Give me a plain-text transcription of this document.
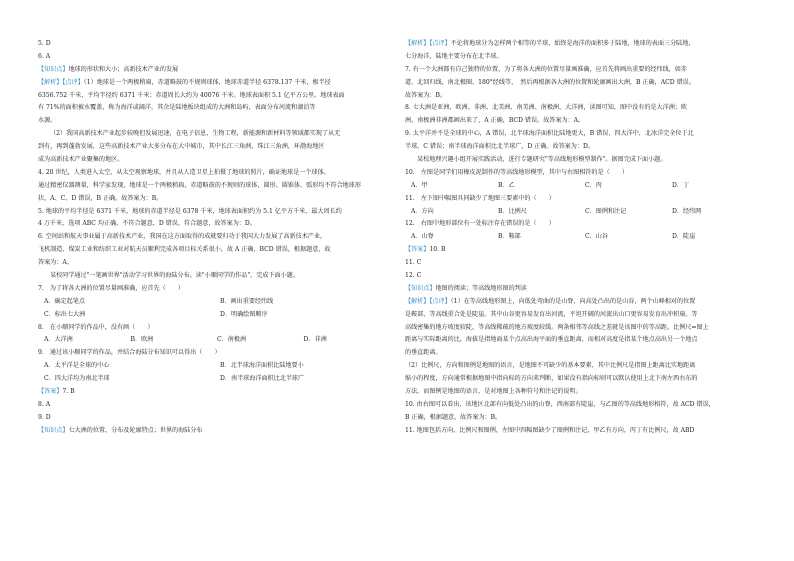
5. D
6. A
【知识点】地球的形状和大小；高新技术产业的发展
【解析】【点评】（1）地球是一个两极稍扁，赤道略鼓的不规则球体，地球赤道半径 6378.137 千米，极半径
6356.752 千米，平均半径约 6371 千米；赤道周长大约为 40076 千米。地球表面积 5.1 亿平方公里。地球表面
有 71%的面积被水覆盖，称为海洋或阔洋，其余是陆地板块组成的大洲和岛屿，表面分布河流和湖泊等
水源。
（2）我国高新技术产业起步较晚但发展迅速，在电子信息，生物工程，新能源和新材料等领域都实现了从无
到有，再到蓬勃发展，这些高新技术产业大多分布在大中城市，其中长江三角洲，珠江三角洲，环渤海地区
成为高新技术产业聚集的地区。
4. 20 世纪，人类进入太空，从太空观察地球，并且从人造卫星上拍摄了地球的照片，确证地球是一个球体。
通过精密仪器测量，科学家发现，地球是一个两极稍扁，赤道略鼓的不规则的球体，圆形、圆锥体、弧形均不符合地球形
状，A、C、D 错误，B 正确。故答案为：B。
5. 地球的平均半径是 6371 千米，地球的赤道半径是 6378 千米，地球表面积约为 5.1 亿平方千米，最大周长约
4 万千米，选项 ABC 均正确，不符合题意，D 错误，符合题意，故答案为：D。
6. 空间站和航天事业属于高新技术产业，我国在这方面取得的成就要归功于我国大力发展了高新技术产业，
飞机制造、煤炭工业和纺织工业对航天员顺利完成各项目标关系很小，故 A 正确，BCD 错误，根据题意，故
答案为：A。
某校同学通过"一笔画世界"活动学习世界的海陆分布。读"小顺同学的作品"，完成下面小题。
7.　为了将各大洲的位置尽量画准确，应首先（　　）
A．确定起笔点	B．画出重要经纬线
C．标出七大洲	D．明确绘图顺序
8.　在小顺同学的作品中，没有画（　　）
A．大洋洲	B．欧洲	C．南极洲	D．非洲
9.　通过该小顺同学的作品，并结合海陆分布知识可以得出（　　）
A．太平洋是全球的中心	B．北半球海洋面积比陆地要小
C．四大洋均为南北半球	D．南半球海洋面积比北半球广
【答案】7. B
8. A
9. D
【知识点】七大洲的位置、分布及轮廓特点；世界的海陆分布
【解析】【点评】不论将地球分为怎样两个相等的半球，始终是海洋的面积多于陆地，地球的表面三分陆地，
七分海洋，陆地主要分布在北半球。
7. 有一个大洲都有自己独特的位置，为了将各大洲的位置尽量画准确，应首先将画出重要的经纬线，如赤
道、北回归线、南北极圈、180°经线等，　然后再根据各大洲的位置和轮廓画出大洲，B 正确，ACD 错误。
故答案为：B。
8. 七大洲是亚洲、欧洲、非洲、北美洲、南美洲、南极洲、大洋洲，读图可知，图中没有的是大洋洲；欧
洲、南极洲非洲都画出来了，A 正确，BCD 错误。故答案为：A。
9. 太平洋并不是全球的中心，A 错误，北半球海洋面积比陆地更大，B 错误，四大洋中，北冰洋完全位于北
半球，C 错误；南半球海洋面积比北半球广，D 正确。故答案为：D。
某校地理兴趣小组开展实践活动，进行专题研究"等高线地形模型制作"。据图完成下面小题。
10.　左图是同学们用橡皮泥制作的等高线地形模型，其中与右图相符的是（　　）
A．甲	B．乙	C．丙	D．丁
11.　左下图中幅图具同缺少了地图三要素中的（　　）
A．方向	B．比例尺	C．图例和注记	D．经纬网
12.　右图中地形部位有一处标注存在错误的是（　　）
A．山脊	B．鞍部	C．山谷	D．陡崖
【答案】10. B
11. C
12. C
【知识点】地图的阅读；等高线地形图的判读
【解析】【点评】（1）在等高线地形图上，向低处弯曲的是山脊，向高处凸出的是山谷，两个山峰相对的位置
是鞍部，等高线重合处是陡崖。其中山谷更容易发育出河流，平坦开阔的河流出山口更容易发育出冲积扇。等
高线密集的地方坡度较陡，等高线稀疏的地方坡度较缓。两条相邻等高线之差就是该图中的等高距。比例尺=图上
距离与实际距离的比，海拔是指地面某个点高出海平面的垂直距离，而相对高度是指某个地点高出另一个地点
的垂直距离。
（2）比例尺，方向和图例是地图的语言，是地图不可缺少的基本要素，其中比例尺是指图上距离比实地距离
缩小的程度，方向通常根据地图中指向标的方向来判断，如果没有指向标则可以默认使用上北下南左西右东的
方法，而图例是地图的语言，是对地图上各种符号和注记的说明。
10. 由右图可以看出，该地区北部有向低处凸出的山脊，西南部有陡崖，与乙图的等高线地形相符，故 ACD 错误，
B 正确，根据题意，故答案为：B。
11. 地图包括方向、比例尺和图例，左图中四幅图缺少了图例和注记，甲乙有方向，丙丁有比例尺，故 ABD
